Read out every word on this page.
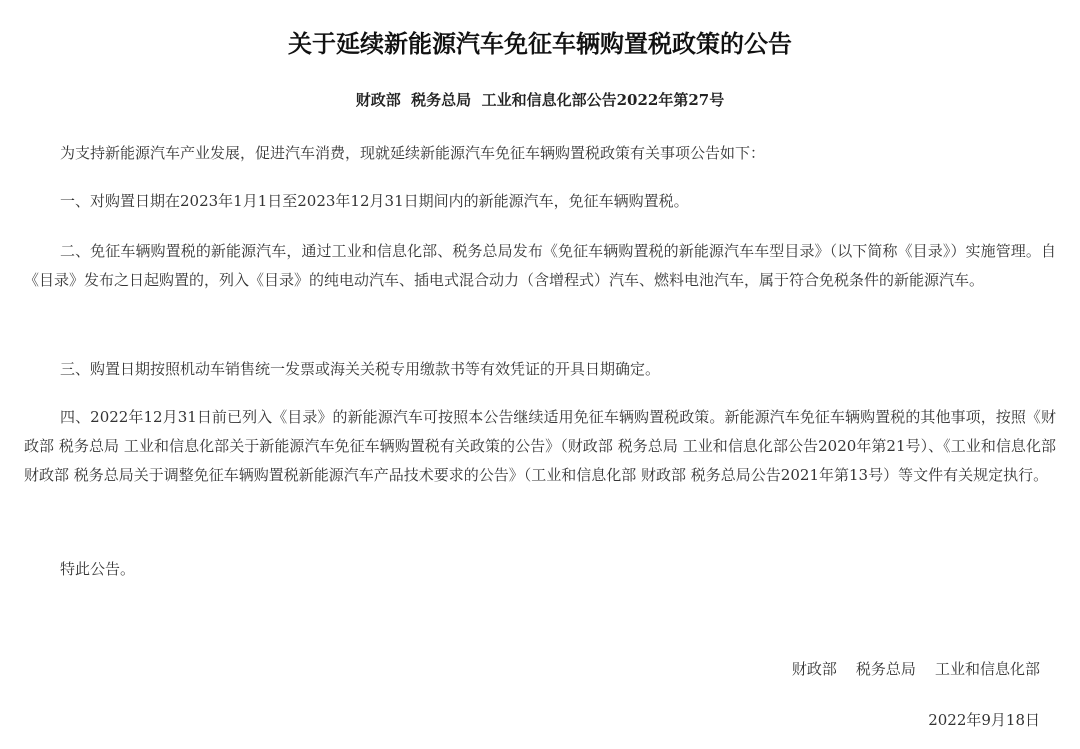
关于延续新能源汽车免征车辆购置税政策的公告
财政部  税务总局  工业和信息化部公告2022年第27号

为支持新能源汽车产业发展，促进汽车消费，现就延续新能源汽车免征车辆购置税政策有关事项公告如下：

一、对购置日期在2023年1月1日至2023年12月31日期间内的新能源汽车，免征车辆购置税。

二、免征车辆购置税的新能源汽车，通过工业和信息化部、税务总局发布《免征车辆购置税的新能源汽车车型目录》（以下简称《目录》）实施管理。自《目录》发布之日起购置的，列入《目录》的纯电动汽车、插电式混合动力（含增程式）汽车、燃料电池汽车，属于符合免税条件的新能源汽车。

三、购置日期按照机动车销售统一发票或海关关税专用缴款书等有效凭证的开具日期确定。

四、2022年12月31日前已列入《目录》的新能源汽车可按照本公告继续适用免征车辆购置税政策。新能源汽车免征车辆购置税的其他事项，按照《财政部 税务总局 工业和信息化部关于新能源汽车免征车辆购置税有关政策的公告》（财政部 税务总局 工业和信息化部公告2020年第21号）、《工业和信息化部 财政部 税务总局关于调整免征车辆购置税新能源汽车产品技术要求的公告》（工业和信息化部 财政部 税务总局公告2021年第13号）等文件有关规定执行。

特此公告。

财政部    税务总局    工业和信息化部
2022年9月18日
